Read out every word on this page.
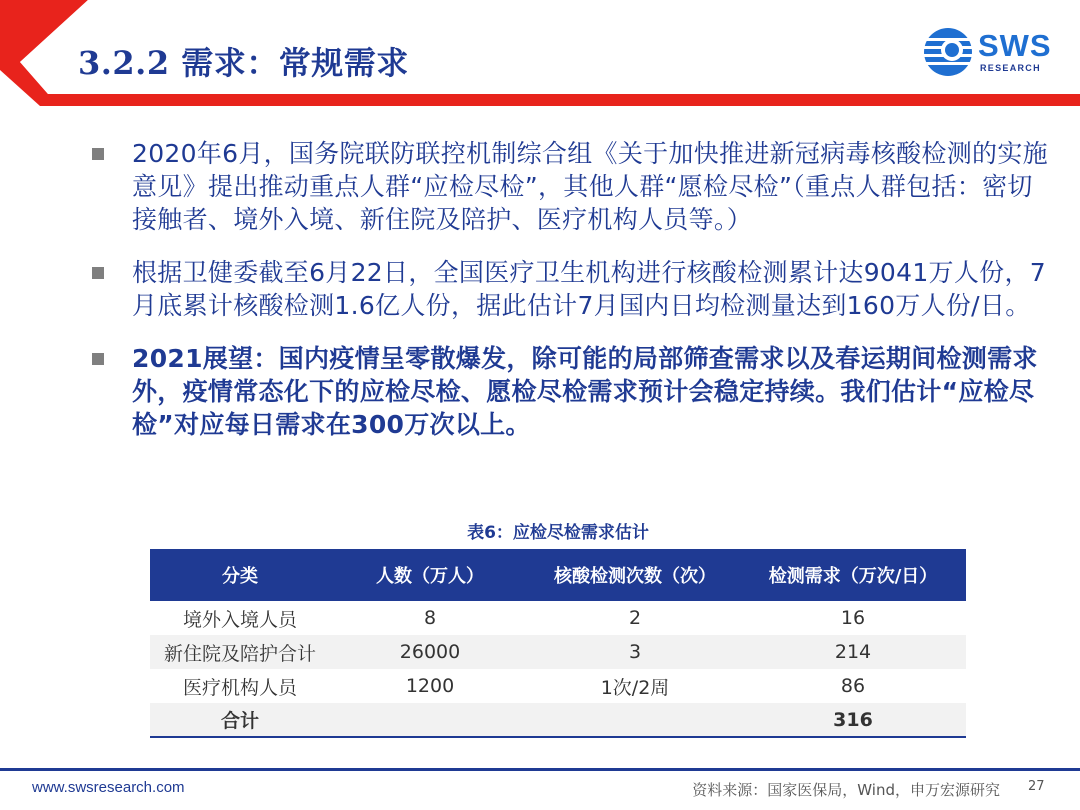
3.2.2 需求：常规需求	SWS
RESEARCH
2020年6月，国务院联防联控机制综合组《关于加快推进新冠病毒核酸检测的实施意见》提出推动重点人群“应检尽检”，其他人群“愿检尽检”（重点人群包括：密切接触者、境外入境、新住院及陪护、医疗机构人员等。）
根据卫健委截至6月22日，全国医疗卫生机构进行核酸检测累计达9041万人份，7月底累计核酸检测1.6亿人份，据此估计7月国内日均检测量达到160万人份/日。
2021展望：国内疫情呈零散爆发，除可能的局部筛查需求以及春运期间检测需求外，疫情常态化下的应检尽检、愿检尽检需求预计会稳定持续。我们估计“应检尽检”对应每日需求在300万次以上。
表6：应检尽检需求估计
分类	人数（万人）	核酸检测次数（次）	检测需求（万次/日）
境外入境人员	8	2	16
新住院及陪护合计	26000	3	214
医疗机构人员	1200	1次/2周	86
合计			316
www.swsresearch.com	资料来源：国家医保局，Wind，申万宏源研究 27
